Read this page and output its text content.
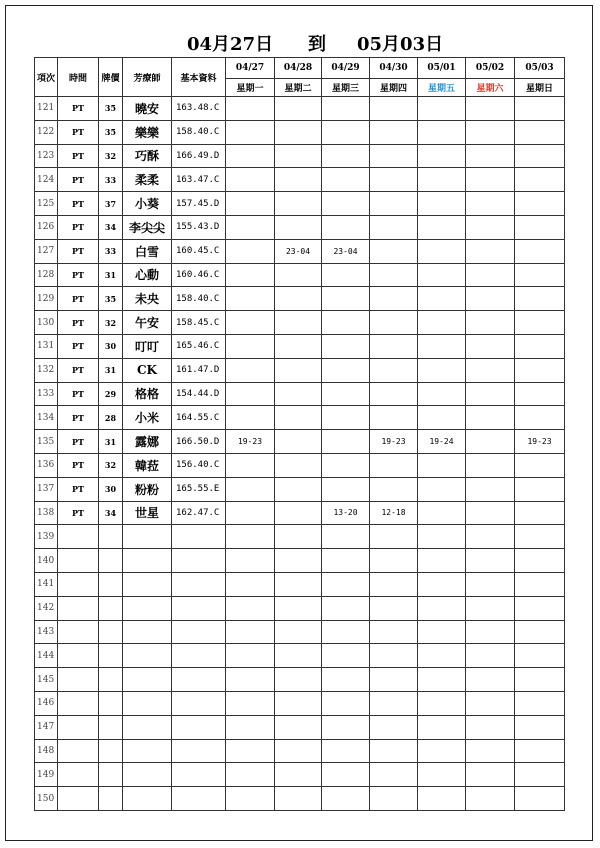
04月27日 到 05月03日
項次	時間	牌價	芳療師	基本資料	04/27	04/28	04/29	04/30	05/01	05/02	05/03
					星期一	星期二	星期三	星期四	星期五	星期六	星期日
121	PT	35	曉安	163.48.C							
122	PT	35	樂樂	158.40.C							
123	PT	32	巧酥	166.49.D							
124	PT	33	柔柔	163.47.C							
125	PT	37	小葵	157.45.D							
126	PT	34	李尖尖	155.43.D							
127	PT	33	白雪	160.45.C		23-04	23-04				
128	PT	31	心動	160.46.C							
129	PT	35	未央	158.40.C							
130	PT	32	午安	158.45.C							
131	PT	30	叮叮	165.46.C							
132	PT	31	CK	161.47.D							
133	PT	29	格格	154.44.D							
134	PT	28	小米	164.55.C							
135	PT	31	露娜	166.50.D	19-23			19-23	19-24		19-23
136	PT	32	韓菈	156.40.C							
137	PT	30	粉粉	165.55.E							
138	PT	34	世星	162.47.C			13-20	12-18			
139											
140											
141											
142											
143											
144											
145											
146											
147											
148											
149											
150											
